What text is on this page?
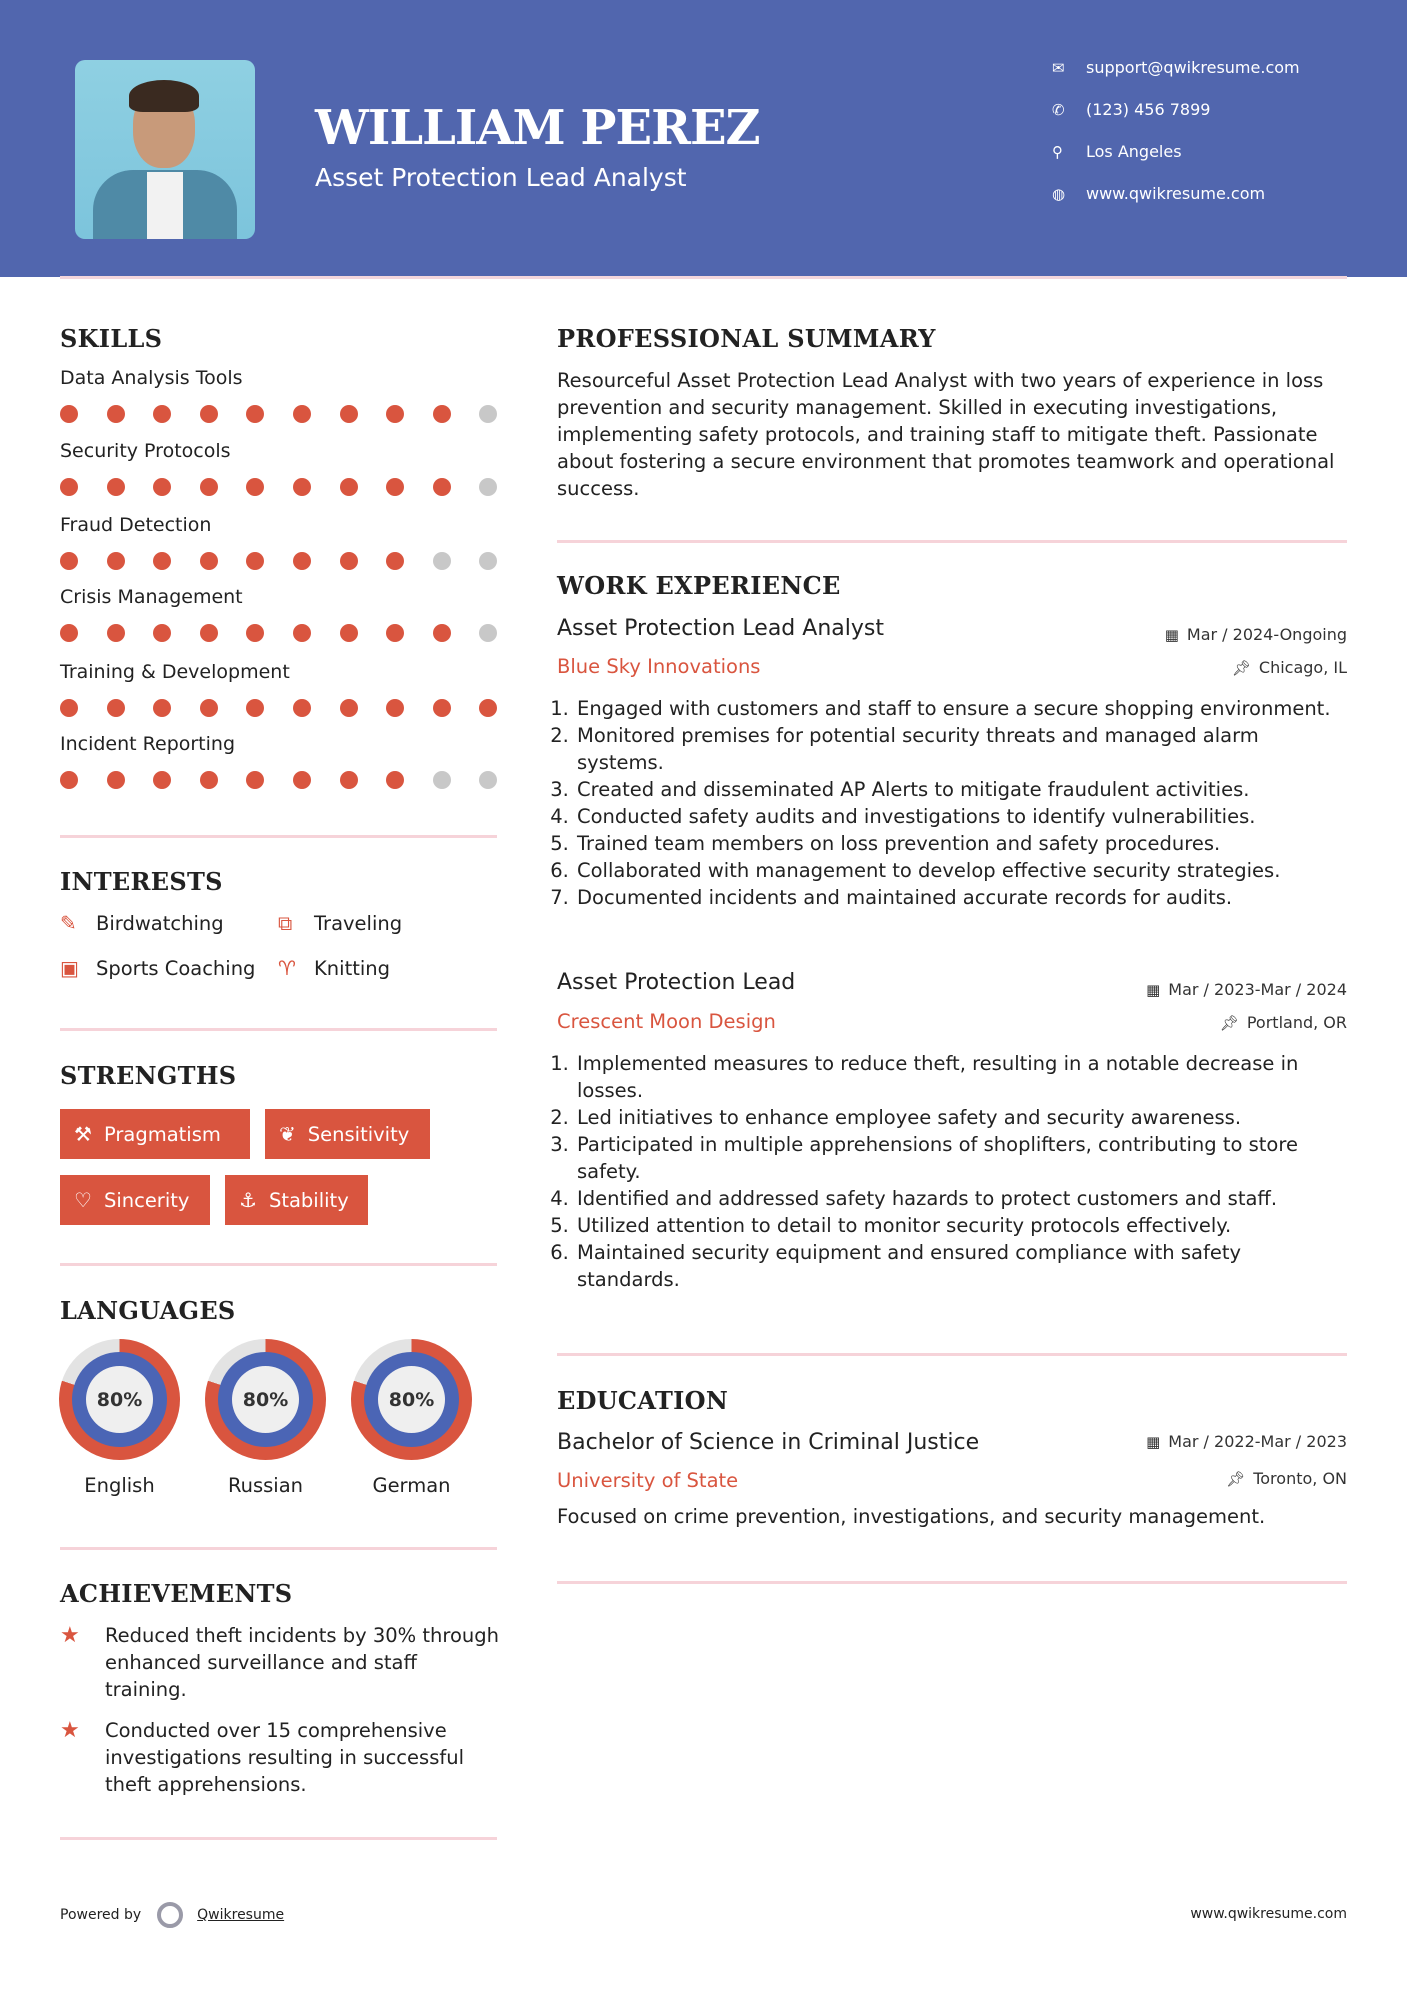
WILLIAM PEREZ
Asset Protection Lead Analyst
✉	support@qwikresume.com
✆	(123) 456 7899
⚲	Los Angeles
◍	www.qwikresume.com
SKILLS
Data Analysis Tools
Security Protocols
Fraud Detection
Crisis Management
Training & Development
Incident Reporting
INTERESTS
✎ Birdwatching	⧉	Traveling
▣ Sports Coaching ♈ Knitting
STRENGTHS
⚒ Pragmatism	❦ Sensitivity
♡ Sincerity ⚓ Stability
LANGUAGES
80%	80%	80%
English	Russian	German
ACHIEVEMENTS
★	Reduced theft incidents by 30% through enhanced surveillance and staff training.
★	Conducted over 15 comprehensive investigations resulting in successful theft apprehensions.
PROFESSIONAL SUMMARY
Resourceful Asset Protection Lead Analyst with two years of experience in loss prevention and security management. Skilled in executing investigations, implementing safety protocols, and training staff to mitigate theft. Passionate about fostering a secure environment that promotes teamwork and operational success.
WORK EXPERIENCE
Asset Protection Lead Analyst	▦ Mar / 2024-Ongoing
Blue Sky Innovations	📌︎ Chicago, IL
1. Engaged with customers and staff to ensure a secure shopping environment.
2. Monitored premises for potential security threats and managed alarm systems.
3. Created and disseminated AP Alerts to mitigate fraudulent activities.
4. Conducted safety audits and investigations to identify vulnerabilities.
5. Trained team members on loss prevention and safety procedures.
6. Collaborated with management to develop effective security strategies.
7. Documented incidents and maintained accurate records for audits.
Asset Protection Lead	▦ Mar / 2023-Mar / 2024
Crescent Moon Design	📌︎ Portland, OR
1. Implemented measures to reduce theft, resulting in a notable decrease in losses.
2. Led initiatives to enhance employee safety and security awareness.
3. Participated in multiple apprehensions of shoplifters, contributing to store safety.
4. Identified and addressed safety hazards to protect customers and staff.
5. Utilized attention to detail to monitor security protocols effectively.
6. Maintained security equipment and ensured compliance with safety standards.
EDUCATION
Bachelor of Science in Criminal Justice	▦ Mar / 2022-Mar / 2023
University of State	📌︎ Toronto, ON
Focused on crime prevention, investigations, and security management.
Powered by	Qwikresume	www.qwikresume.com
